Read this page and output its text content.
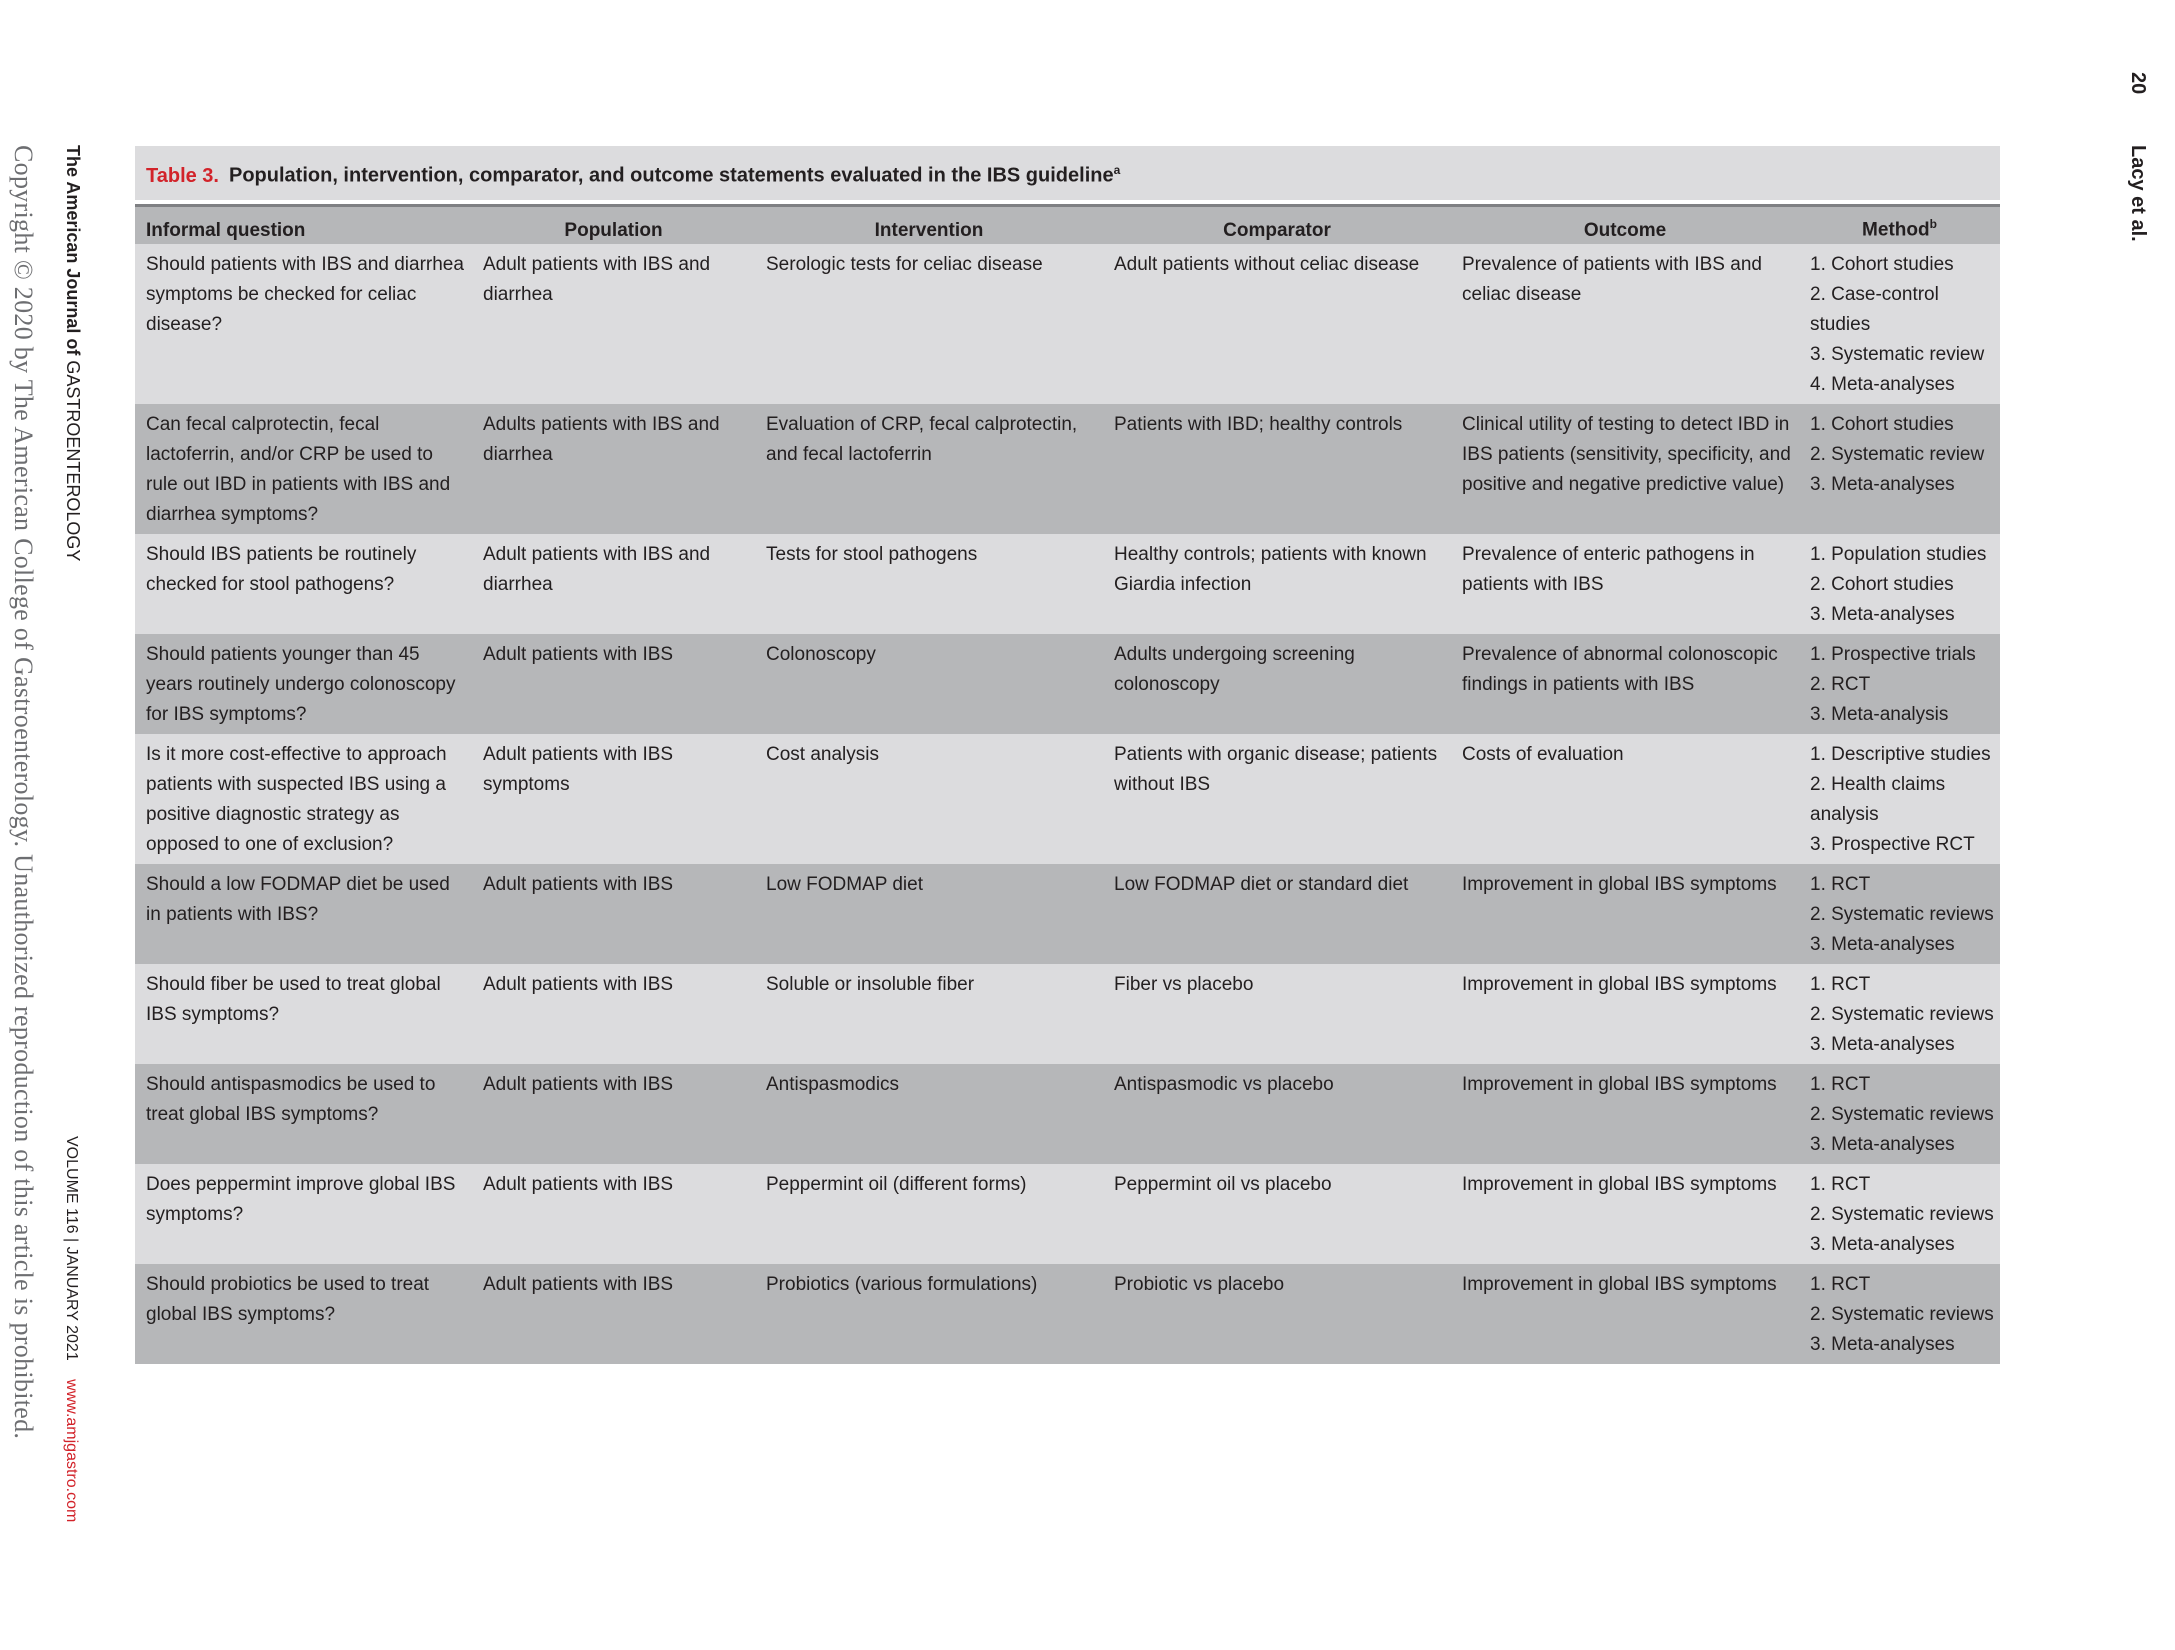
Copyright © 2020 by The American College of Gastroenterology. Unauthorized reproduction of this article is prohibited. The American Journal of GASTROENTEROLOGY
VOLUME 116 | JANUARY 2021 www.amjgastro.com
20
Lacy et al.
Table 3. Population, intervention, comparator, and outcome statements evaluated in the IBS guideline$^a$
Informal question	Population	Intervention	Comparator	Outcome	Method$^b$
Should patients with IBS and diarrhea symptoms be checked for celiac disease?	Adult patients with IBS and diarrhea	Serologic tests for celiac disease	Adult patients without celiac disease	Prevalence of patients with IBS and celiac disease	1. Cohort studies
2. Case-control studies
3. Systematic review
4. Meta-analyses

Can fecal calprotectin, fecal lactoferrin, and/or CRP be used to rule out IBD in patients with IBS and diarrhea symptoms?	Adults patients with IBS and diarrhea	Evaluation of CRP, fecal calprotectin, and fecal lactoferrin	Patients with IBD; healthy controls	Clinical utility of testing to detect IBD in IBS patients (sensitivity, specificity, and positive and negative predictive value)	1. Cohort studies
2. Systematic review
3. Meta-analyses

Should IBS patients be routinely checked for stool pathogens?	Adult patients with IBS and diarrhea	Tests for stool pathogens	Healthy controls; patients with known Giardia infection	Prevalence of enteric pathogens in patients with IBS	1. Population studies
2. Cohort studies
3. Meta-analyses

Should patients younger than 45 years routinely undergo colonoscopy for IBS symptoms?	Adult patients with IBS	Colonoscopy	Adults undergoing screening colonoscopy	Prevalence of abnormal colonoscopic findings in patients with IBS	1. Prospective trials
2. RCT
3. Meta-analysis

Is it more cost-effective to approach patients with suspected IBS using a positive diagnostic strategy as opposed to one of exclusion?	Adult patients with IBS symptoms	Cost analysis	Patients with organic disease; patients without IBS	Costs of evaluation	1. Descriptive studies
2. Health claims analysis
3. Prospective RCT

Should a low FODMAP diet be used in patients with IBS?	Adult patients with IBS	Low FODMAP diet	Low FODMAP diet or standard diet	Improvement in global IBS symptoms	1. RCT
2. Systematic reviews
3. Meta-analyses

Should fiber be used to treat global IBS symptoms?	Adult patients with IBS	Soluble or insoluble fiber	Fiber vs placebo	Improvement in global IBS symptoms	1. RCT
2. Systematic reviews
3. Meta-analyses

Should antispasmodics be used to treat global IBS symptoms?	Adult patients with IBS	Antispasmodics	Antispasmodic vs placebo	Improvement in global IBS symptoms	1. RCT
2. Systematic reviews
3. Meta-analyses

Does peppermint improve global IBS symptoms?	Adult patients with IBS	Peppermint oil (different forms)	Peppermint oil vs placebo	Improvement in global IBS symptoms	1. RCT
2. Systematic reviews
3. Meta-analyses

Should probiotics be used to treat global IBS symptoms?	Adult patients with IBS	Probiotics (various formulations)	Probiotic vs placebo	Improvement in global IBS symptoms	1. RCT
2. Systematic reviews
3. Meta-analyses
